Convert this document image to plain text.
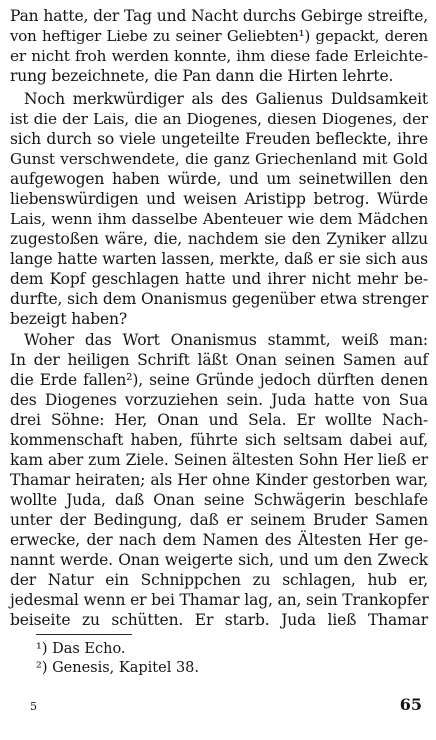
Pan hatte, der Tag und Nacht durchs Gebirge streifte,
von heftiger Liebe zu seiner Geliebten¹) gepackt, deren
er nicht froh werden konnte, ihm diese fade Erleichte-
rung bezeichnete, die Pan dann die Hirten lehrte.
Noch merkwürdiger als des Galienus Duldsamkeit
ist die der Lais, die an Diogenes, diesen Diogenes, der
sich durch so viele ungeteilte Freuden befleckte, ihre
Gunst verschwendete, die ganz Griechenland mit Gold
aufgewogen haben würde, und um seinetwillen den
liebenswürdigen und weisen Aristipp betrog. Würde
Lais, wenn ihm dasselbe Abenteuer wie dem Mädchen
zugestoßen wäre, die, nachdem sie den Zyniker allzu
lange hatte warten lassen, merkte, daß er sie sich aus
dem Kopf geschlagen hatte und ihrer nicht mehr be-
durfte, sich dem Onanismus gegenüber etwa strenger
bezeigt haben?
Woher das Wort Onanismus stammt, weiß man:
In der heiligen Schrift läßt Onan seinen Samen auf
die Erde fallen²), seine Gründe jedoch dürften denen
des Diogenes vorzuziehen sein. Juda hatte von Sua
drei Söhne: Her, Onan und Sela. Er wollte Nach-
kommenschaft haben, führte sich seltsam dabei auf,
kam aber zum Ziele. Seinen ältesten Sohn Her ließ er
Thamar heiraten; als Her ohne Kinder gestorben war,
wollte Juda, daß Onan seine Schwägerin beschlafe
unter der Bedingung, daß er seinem Bruder Samen
erwecke, der nach dem Namen des Ältesten Her ge-
nannt werde. Onan weigerte sich, und um den Zweck
der Natur ein Schnippchen zu schlagen, hub er,
jedesmal wenn er bei Thamar lag, an, sein Trankopfer
beiseite zu schütten. Er starb. Juda ließ Thamar
¹) Das Echo.
²) Genesis, Kapitel 38.
5	65
